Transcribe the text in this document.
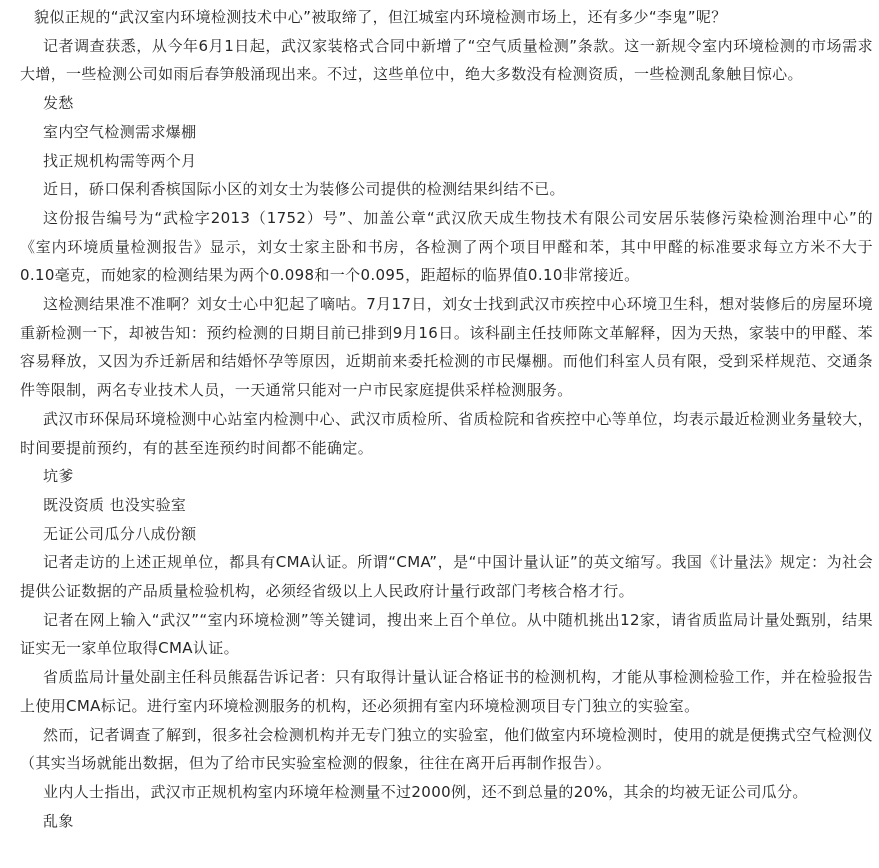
貌似正规的“武汉室内环境检测技术中心”被取缔了，但江城室内环境检测市场上，还有多少“李鬼”呢？

记者调查获悉，从今年6月1日起，武汉家装格式合同中新增了“空气质量检测”条款。这一新规令室内环境检测的市场需求大增，一些检测公司如雨后春笋般涌现出来。不过，这些单位中，绝大多数没有检测资质，一些检测乱象触目惊心。

发愁

室内空气检测需求爆棚

找正规机构需等两个月

近日，硚口保利香槟国际小区的刘女士为装修公司提供的检测结果纠结不已。

这份报告编号为“武检字2013（1752）号”、加盖公章“武汉欣天成生物技术有限公司安居乐装修污染检测治理中心”的《室内环境质量检测报告》显示，刘女士家主卧和书房，各检测了两个项目甲醛和苯，其中甲醛的标准要求每立方米不大于0.10毫克，而她家的检测结果为两个0.098和一个0.095，距超标的临界值0.10非常接近。

这检测结果准不准啊？刘女士心中犯起了嘀咕。7月17日，刘女士找到武汉市疾控中心环境卫生科，想对装修后的房屋环境重新检测一下，却被告知：预约检测的日期目前已排到9月16日。该科副主任技师陈文革解释，因为天热，家装中的甲醛、苯容易释放，又因为乔迁新居和结婚怀孕等原因，近期前来委托检测的市民爆棚。而他们科室人员有限，受到采样规范、交通条件等限制，两名专业技术人员，一天通常只能对一户市民家庭提供采样检测服务。

武汉市环保局环境检测中心站室内检测中心、武汉市质检所、省质检院和省疾控中心等单位，均表示最近检测业务量较大，时间要提前预约，有的甚至连预约时间都不能确定。

坑爹

既没资质 也没实验室

无证公司瓜分八成份额

记者走访的上述正规单位，都具有CMA认证。所谓“CMA”，是“中国计量认证”的英文缩写。我国《计量法》规定：为社会提供公证数据的产品质量检验机构，必须经省级以上人民政府计量行政部门考核合格才行。

记者在网上输入“武汉”“室内环境检测”等关键词，搜出来上百个单位。从中随机挑出12家，请省质监局计量处甄别，结果证实无一家单位取得CMA认证。

省质监局计量处副主任科员熊磊告诉记者：只有取得计量认证合格证书的检测机构，才能从事检测检验工作，并在检验报告上使用CMA标记。进行室内环境检测服务的机构，还必须拥有室内环境检测项目专门独立的实验室。

然而，记者调查了解到，很多社会检测机构并无专门独立的实验室，他们做室内环境检测时，使用的就是便携式空气检测仪（其实当场就能出数据，但为了给市民实验室检测的假象，往往在离开后再制作报告）。

业内人士指出，武汉市正规机构室内环境年检测量不过2000例，还不到总量的20%，其余的均被无证公司瓜分。

乱象
